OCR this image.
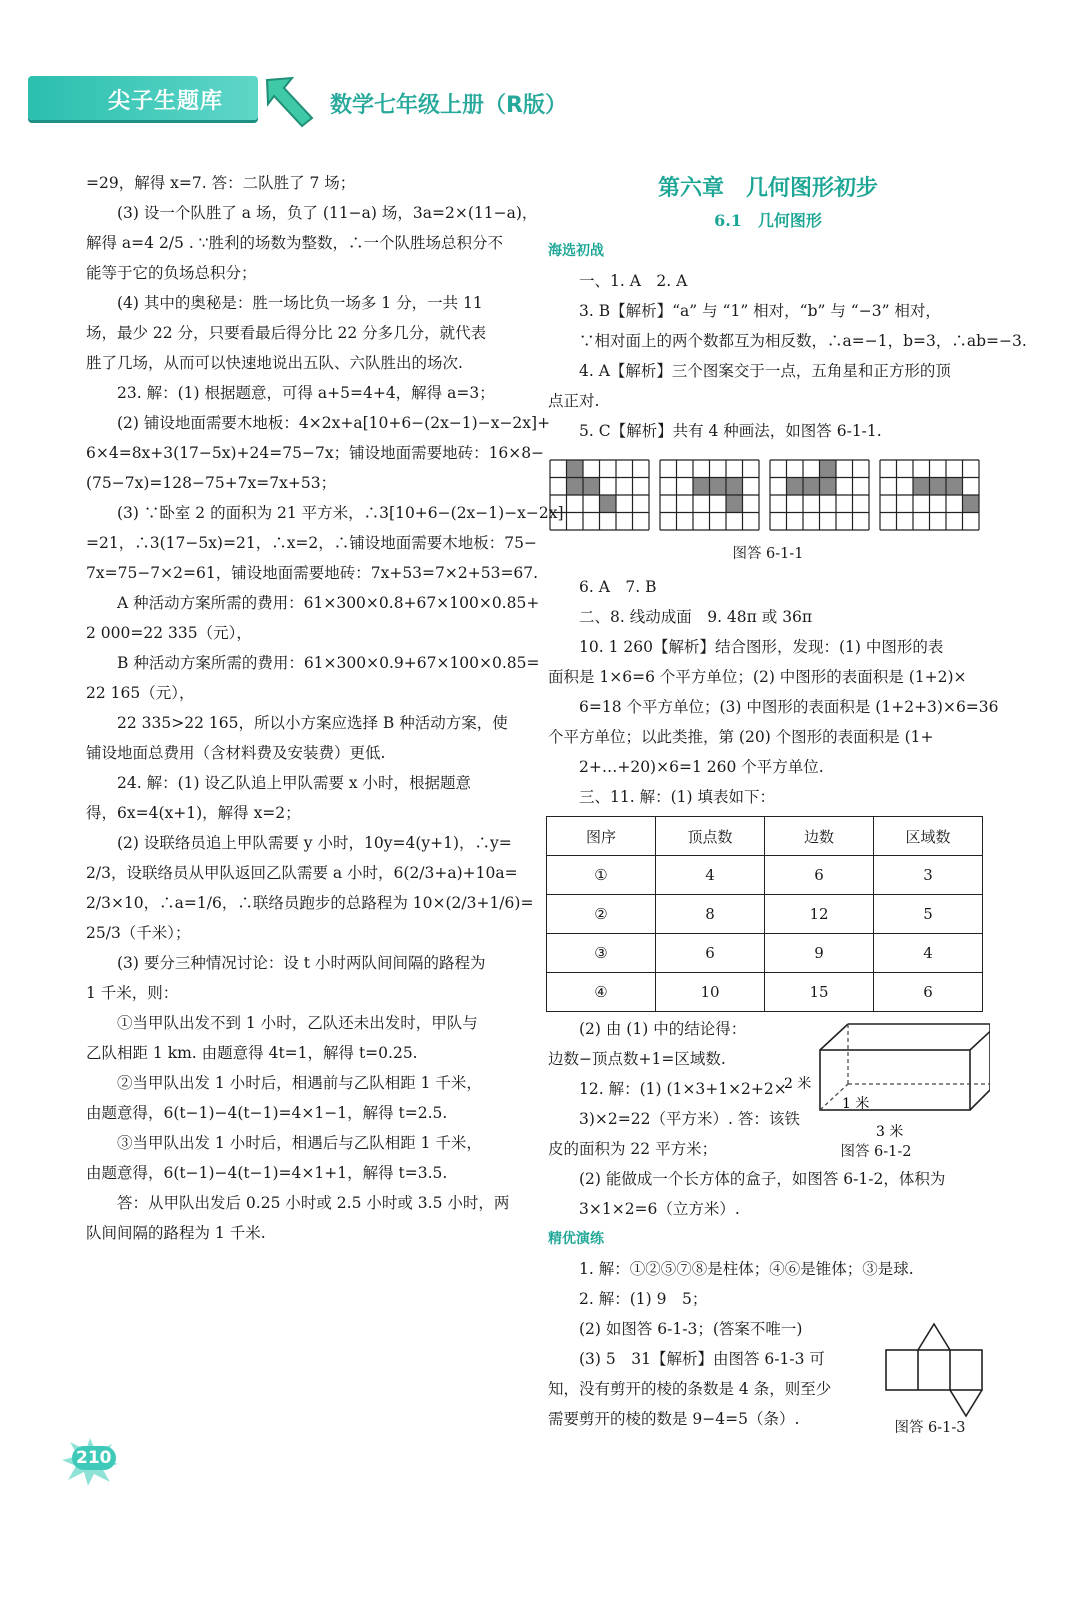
尖子生题库	数学七年级上册（R版）

=29，解得 x=7. 答：二队胜了 7 场；

(3) 设一个队胜了 a 场，负了 (11−a) 场，3a=2×(11−a)，

解得 a=4 2/5 . ∵胜利的场数为整数，∴一个队胜场总积分不

能等于它的负场总积分；

(4) 其中的奥秘是：胜一场比负一场多 1 分，一共 11

场，最少 22 分，只要看最后得分比 22 分多几分，就代表

胜了几场，从而可以快速地说出五队、六队胜出的场次.

23. 解：(1) 根据题意，可得 a+5=4+4，解得 a=3；

(2) 铺设地面需要木地板：4×2x+a[10+6−(2x−1)−x−2x]+

6×4=8x+3(17−5x)+24=75−7x；铺设地面需要地砖：16×8−

(75−7x)=128−75+7x=7x+53；

(3) ∵卧室 2 的面积为 21 平方米，∴3[10+6−(2x−1)−x−2x]

=21，∴3(17−5x)=21，∴x=2，∴铺设地面需要木地板：75−

7x=75−7×2=61，铺设地面需要地砖：7x+53=7×2+53=67.

A 种活动方案所需的费用：61×300×0.8+67×100×0.85+

2 000=22 335（元），

B 种活动方案所需的费用：61×300×0.9+67×100×0.85=

22 165（元），

22 335>22 165，所以小方案应选择 B 种活动方案，使

铺设地面总费用（含材料费及安装费）更低.

24. 解：(1) 设乙队追上甲队需要 x 小时，根据题意

得，6x=4(x+1)，解得 x=2；

(2) 设联络员追上甲队需要 y 小时，10y=4(y+1)，∴y=

2/3，设联络员从甲队返回乙队需要 a 小时，6(2/3+a)+10a=

2/3×10，∴a=1/6，∴联络员跑步的总路程为 10×(2/3+1/6)=

25/3（千米）；

(3) 要分三种情况讨论：设 t 小时两队间间隔的路程为

1 千米，则：

①当甲队出发不到 1 小时，乙队还未出发时，甲队与

乙队相距 1 km. 由题意得 4t=1，解得 t=0.25.

②当甲队出发 1 小时后，相遇前与乙队相距 1 千米，

由题意得，6(t−1)−4(t−1)=4×1−1，解得 t=2.5.

③当甲队出发 1 小时后，相遇后与乙队相距 1 千米，

由题意得，6(t−1)−4(t−1)=4×1+1，解得 t=3.5.

答：从甲队出发后 0.25 小时或 2.5 小时或 3.5 小时，两

队间间隔的路程为 1 千米.

第六章　几何图形初步

6.1　几何图形

海选初战

一、1. A　2. A

3. B【解析】“a” 与 “1” 相对，“b” 与 “−3” 相对，

∵相对面上的两个数都互为相反数，∴a=−1，b=3，∴ab=−3.

4. A【解析】三个图案交于一点，五角星和正方形的顶

点正对.

5. C【解析】共有 4 种画法，如图答 6-1-1.

图答 6-1-1

6. A　7. B

二、8. 线动成面　9. 48π 或 36π

10. 1 260【解析】结合图形，发现：(1) 中图形的表

面积是 1×6=6 个平方单位；(2) 中图形的表面积是 (1+2)×

6=18 个平方单位；(3) 中图形的表面积是 (1+2+3)×6=36

个平方单位；以此类推，第 (20) 个图形的表面积是 (1+

2+…+20)×6=1 260 个平方单位.

三、11. 解：(1) 填表如下：

图序	顶点数	边数	区域数
①	4	6	3
②	8	12	5
③	6	9	4
④	10	15	6

(2) 由 (1) 中的结论得：

边数−顶点数+1=区域数.

12. 解：(1) (1×3+1×2+2×

3)×2=22（平方米）. 答：该铁

皮的面积为 22 平方米；

2 米
1 米
3 米
图答 6-1-2

(2) 能做成一个长方体的盒子，如图答 6-1-2，体积为

3×1×2=6（立方米）.

精优演练

1. 解：①②⑤⑦⑧是柱体；④⑥是锥体；③是球.

2. 解：(1) 9　5；

(2) 如图答 6-1-3；(答案不唯一)

(3) 5　31【解析】由图答 6-1-3 可

知，没有剪开的棱的条数是 4 条，则至少

需要剪开的棱的数是 9−4=5（条）.	图答 6-1-3
210
